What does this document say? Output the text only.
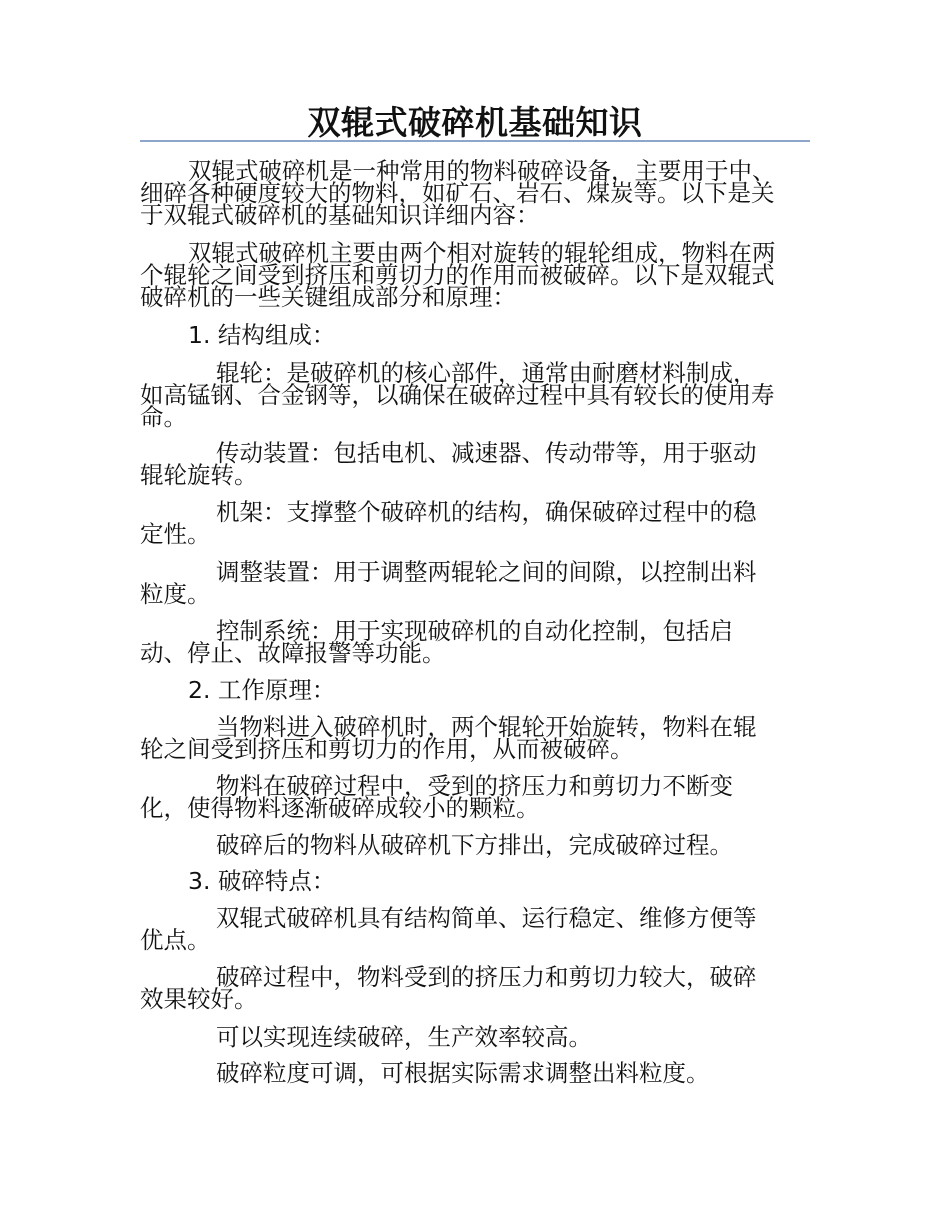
双辊式破碎机基础知识
双辊式破碎机是一种常用的物料破碎设备，主要用于中、
细碎各种硬度较大的物料，如矿石、岩石、煤炭等。以下是关
于双辊式破碎机的基础知识详细内容：
双辊式破碎机主要由两个相对旋转的辊轮组成，物料在两
个辊轮之间受到挤压和剪切力的作用而被破碎。以下是双辊式
破碎机的一些关键组成部分和原理：
1. 结构组成：
辊轮：是破碎机的核心部件，通常由耐磨材料制成，
如高锰钢、合金钢等，以确保在破碎过程中具有较长的使用寿
命。
传动装置：包括电机、减速器、传动带等，用于驱动
辊轮旋转。
机架：支撑整个破碎机的结构，确保破碎过程中的稳
定性。
调整装置：用于调整两辊轮之间的间隙，以控制出料
粒度。
控制系统：用于实现破碎机的自动化控制，包括启
动、停止、故障报警等功能。
2. 工作原理：
当物料进入破碎机时，两个辊轮开始旋转，物料在辊
轮之间受到挤压和剪切力的作用，从而被破碎。
物料在破碎过程中，受到的挤压力和剪切力不断变
化，使得物料逐渐破碎成较小的颗粒。
破碎后的物料从破碎机下方排出，完成破碎过程。
3. 破碎特点：
双辊式破碎机具有结构简单、运行稳定、维修方便等
优点。
破碎过程中，物料受到的挤压力和剪切力较大，破碎
效果较好。
可以实现连续破碎，生产效率较高。
破碎粒度可调，可根据实际需求调整出料粒度。
